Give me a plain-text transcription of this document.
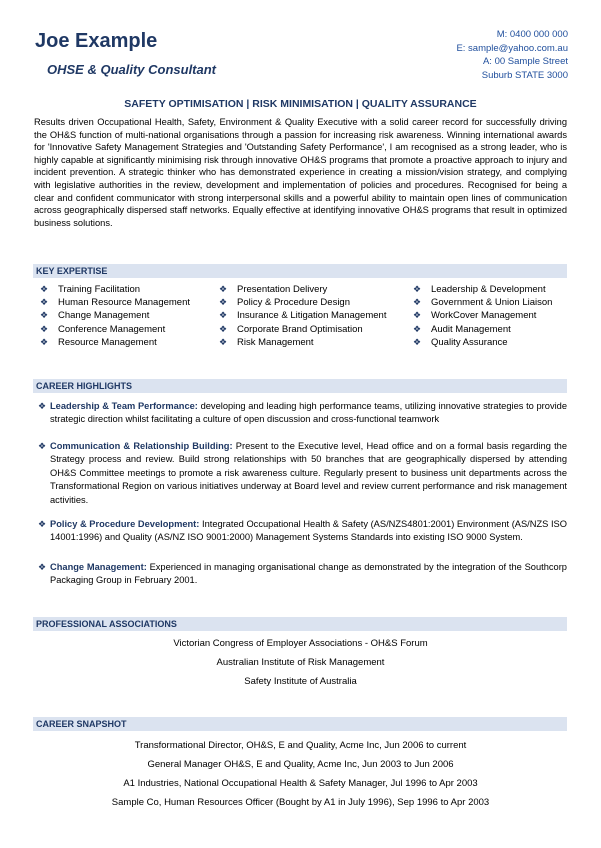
Joe Example
OHSE & Quality Consultant
M: 0400 000 000
E: sample@yahoo.com.au
A: 00 Sample Street
Suburb STATE 3000
SAFETY OPTIMISATION | RISK MINIMISATION | QUALITY ASSURANCE
Results driven Occupational Health, Safety, Environment & Quality Executive with a solid career record for successfully driving the OH&S function of multi-national organisations through a passion for increasing risk awareness. Winning international awards for 'Innovative Safety Management Strategies and 'Outstanding Safety Performance', I am recognised as a strong leader, who is highly capable at significantly minimising risk through innovative OH&S programs that promote a proactive approach to injury and incident prevention. A strategic thinker who has demonstrated experience in creating a mission/vision strategy, and complying with legislative authorities in the review, development and implementation of policies and procedures. Recognised for being a clear and confident communicator with strong interpersonal skills and a powerful ability to maintain open lines of communication across geographically dispersed staff networks. Equally effective at identifying innovative OH&S programs that result in optimized business solutions.
KEY EXPERTISE
❖ Training Facilitation
❖ Human Resource Management
❖ Change Management
❖ Conference Management
❖ Resource Management
❖ Presentation Delivery
❖ Policy & Procedure Design
❖ Insurance & Litigation Management
❖ Corporate Brand Optimisation
❖ Risk Management
❖ Leadership & Development
❖ Government & Union Liaison
❖ WorkCover Management
❖ Audit Management
❖ Quality Assurance
CAREER HIGHLIGHTS
❖ Leadership & Team Performance: developing and leading high performance teams, utilizing innovative strategies to provide strategic direction whilst facilitating a culture of open discussion and cross-functional teamwork
❖ Communication & Relationship Building: Present to the Executive level, Head office and on a formal basis regarding the Strategy process and review. Build strong relationships with 50 branches that are geographically dispersed by attending OH&S Committee meetings to promote a risk awareness culture. Regularly present to business unit departments across the Transformational Region on various initiatives underway at Board level and review current performance and risk management activities.
❖ Policy & Procedure Development: Integrated Occupational Health & Safety (AS/NZS4801:2001) Environment (AS/NZS ISO 14001:1996) and Quality (AS/NZ ISO 9001:2000) Management Systems Standards into existing ISO 9000 System.
❖ Change Management: Experienced in managing organisational change as demonstrated by the integration of the Southcorp Packaging Group in February 2001.
PROFESSIONAL ASSOCIATIONS
Victorian Congress of Employer Associations - OH&S Forum
Australian Institute of Risk Management
Safety Institute of Australia
CAREER SNAPSHOT
Transformational Director, OH&S, E and Quality, Acme Inc, Jun 2006 to current
General Manager OH&S, E and Quality, Acme Inc, Jun 2003 to Jun 2006
A1 Industries, National Occupational Health & Safety Manager, Jul 1996 to Apr 2003
Sample Co, Human Resources Officer (Bought by A1 in July 1996), Sep 1996 to Apr 2003
